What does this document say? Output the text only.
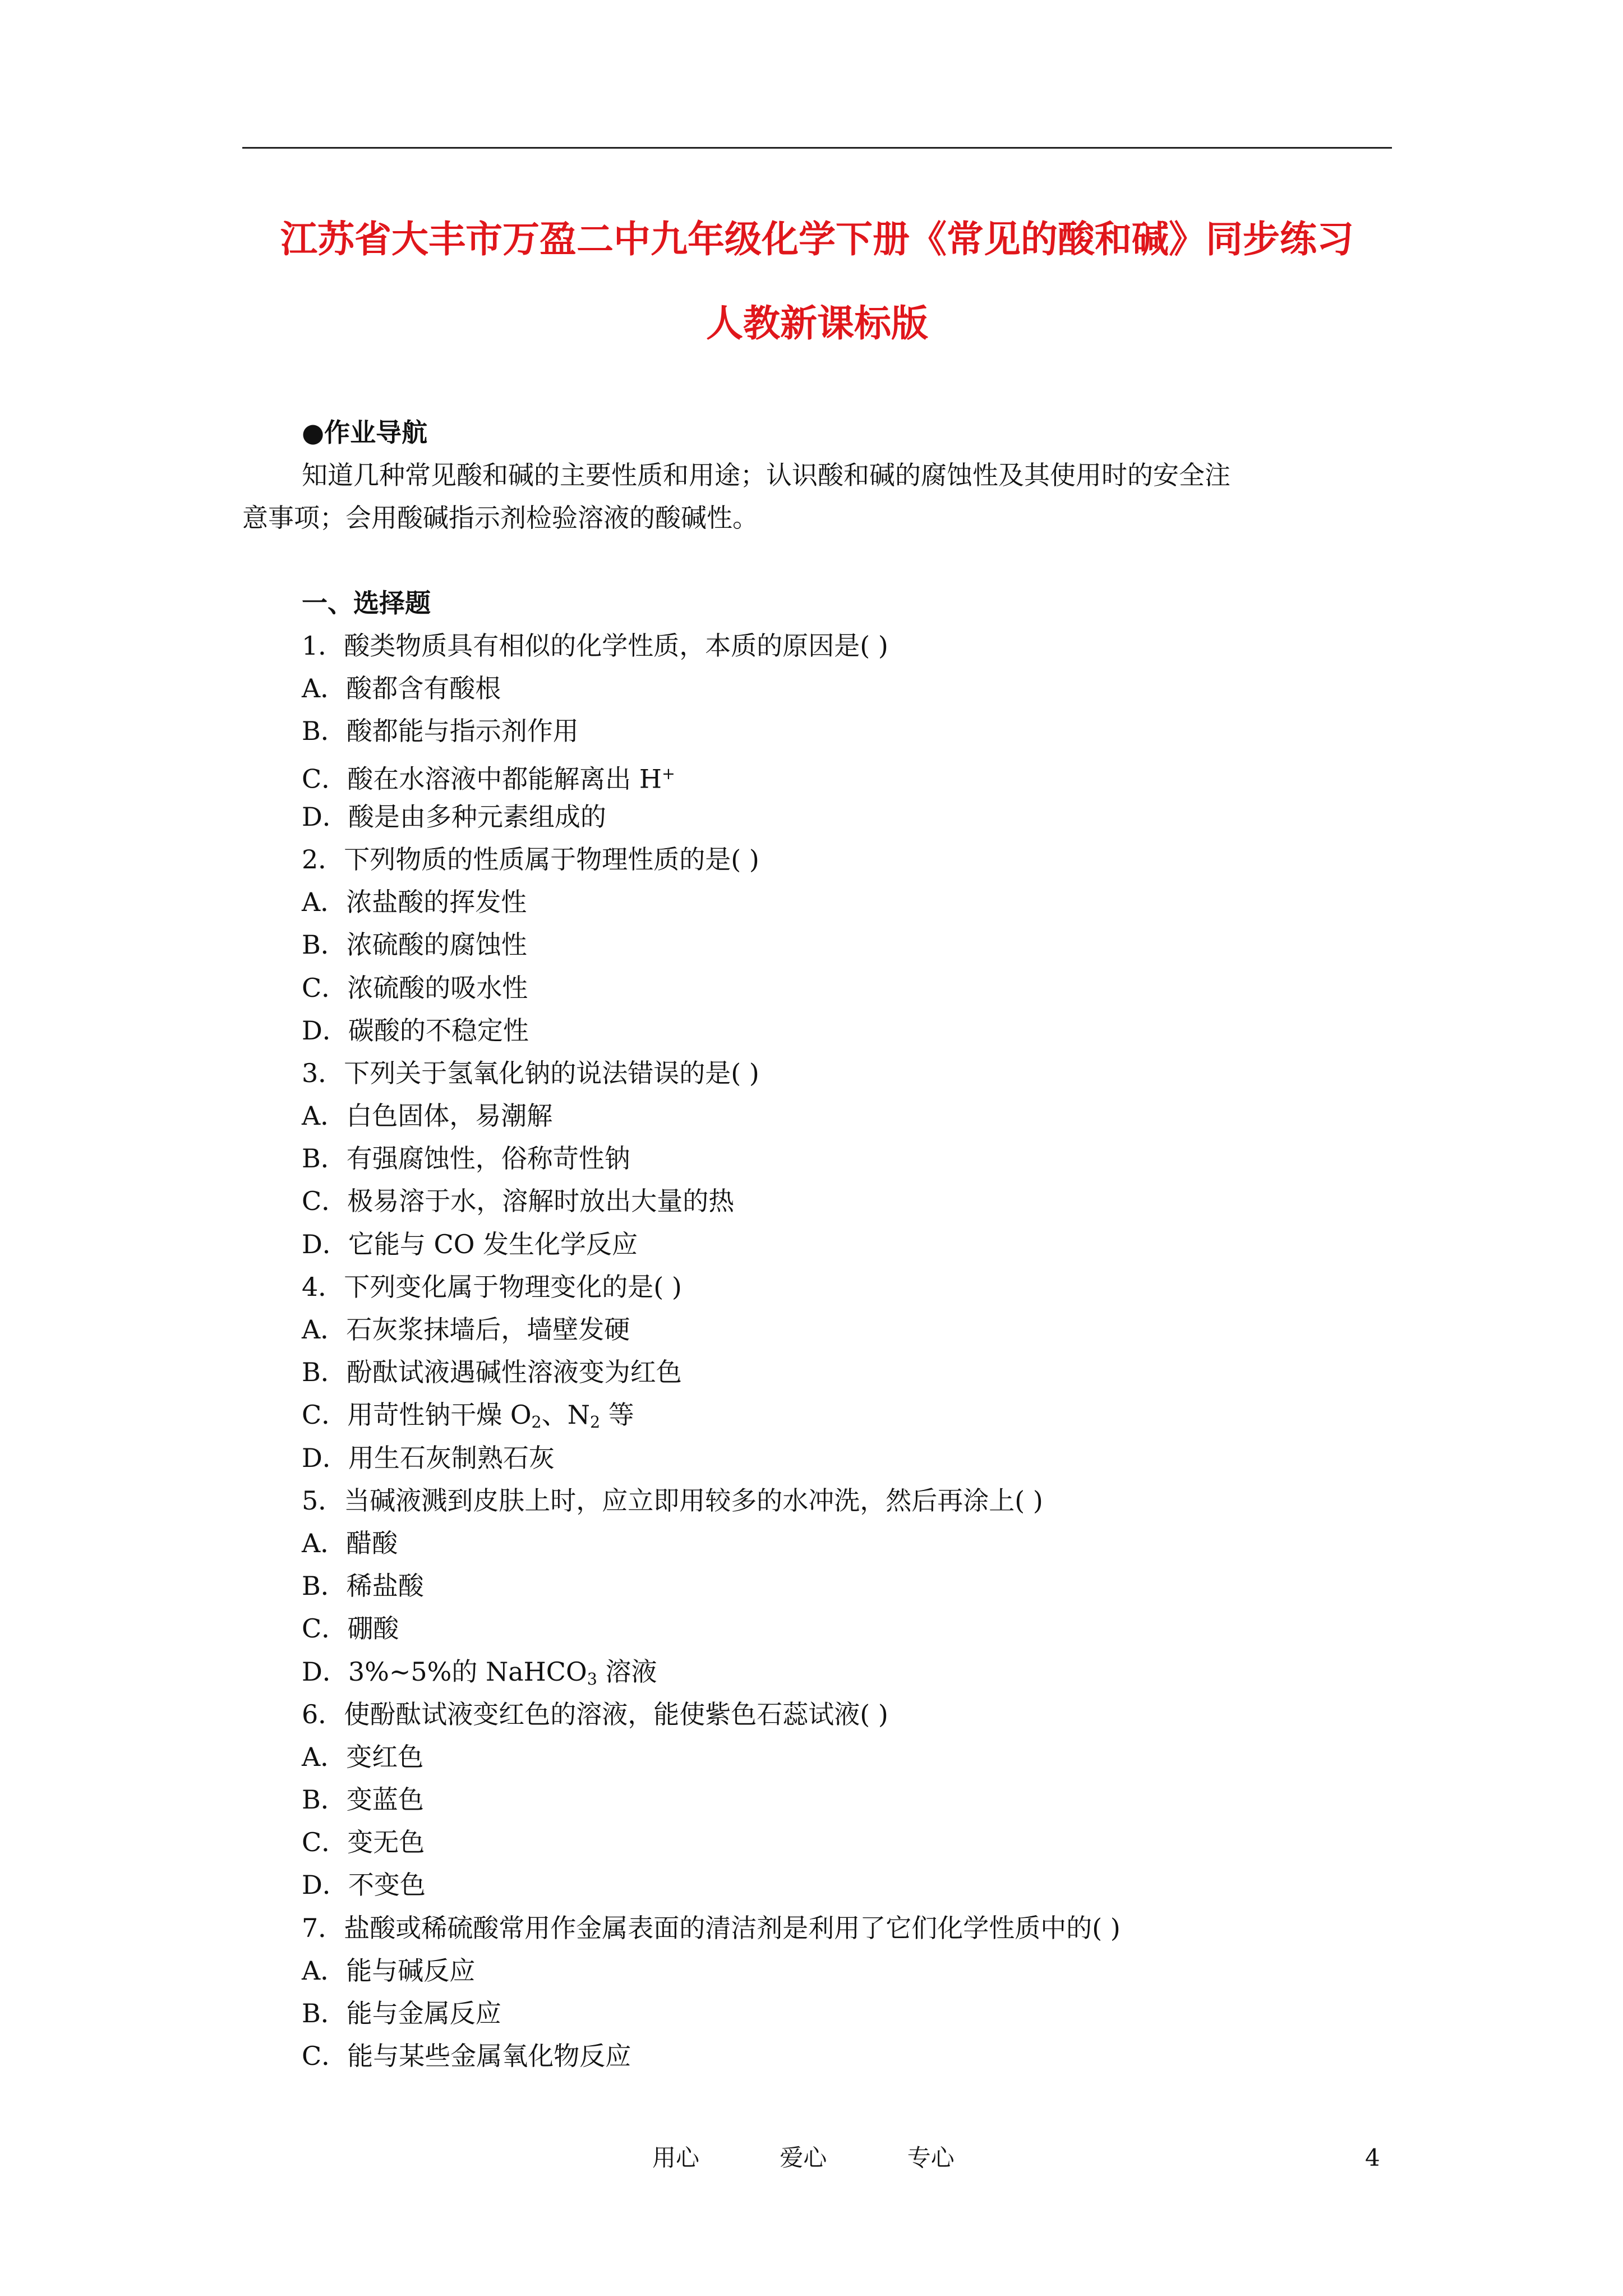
江苏省大丰市万盈二中九年级化学下册《常见的酸和碱》同步练习
人教新课标版
●作业导航
知道几种常见酸和碱的主要性质和用途；认识酸和碱的腐蚀性及其使用时的安全注
意事项；会用酸碱指示剂检验溶液的酸碱性。
一、选择题
1．酸类物质具有相似的化学性质，本质的原因是( )
A．酸都含有酸根
B．酸都能与指示剂作用
C．酸在水溶液中都能解离出 H+
D．酸是由多种元素组成的
2．下列物质的性质属于物理性质的是( )
A．浓盐酸的挥发性
B．浓硫酸的腐蚀性
C．浓硫酸的吸水性
D．碳酸的不稳定性
3．下列关于氢氧化钠的说法错误的是( )
A．白色固体，易潮解
B．有强腐蚀性，俗称苛性钠
C．极易溶于水，溶解时放出大量的热
D．它能与 CO 发生化学反应
4．下列变化属于物理变化的是( )
A．石灰浆抹墙后，墙壁发硬
B．酚酞试液遇碱性溶液变为红色
C．用苛性钠干燥 $O_2$、$N_2$ 等
D．用生石灰制熟石灰
5．当碱液溅到皮肤上时，应立即用较多的水冲洗，然后再涂上( )
A．醋酸
B．稀盐酸
C．硼酸
D．3%~5%的 NaHCO$_3$ 溶液
6．使酚酞试液变红色的溶液，能使紫色石蕊试液( )
A．变红色
B．变蓝色
C．变无色
D．不变色
7．盐酸或稀硫酸常用作金属表面的清洁剂是利用了它们化学性质中的( )
A．能与碱反应
B．能与金属反应
C．能与某些金属氧化物反应
用心	爱心	专心	4
